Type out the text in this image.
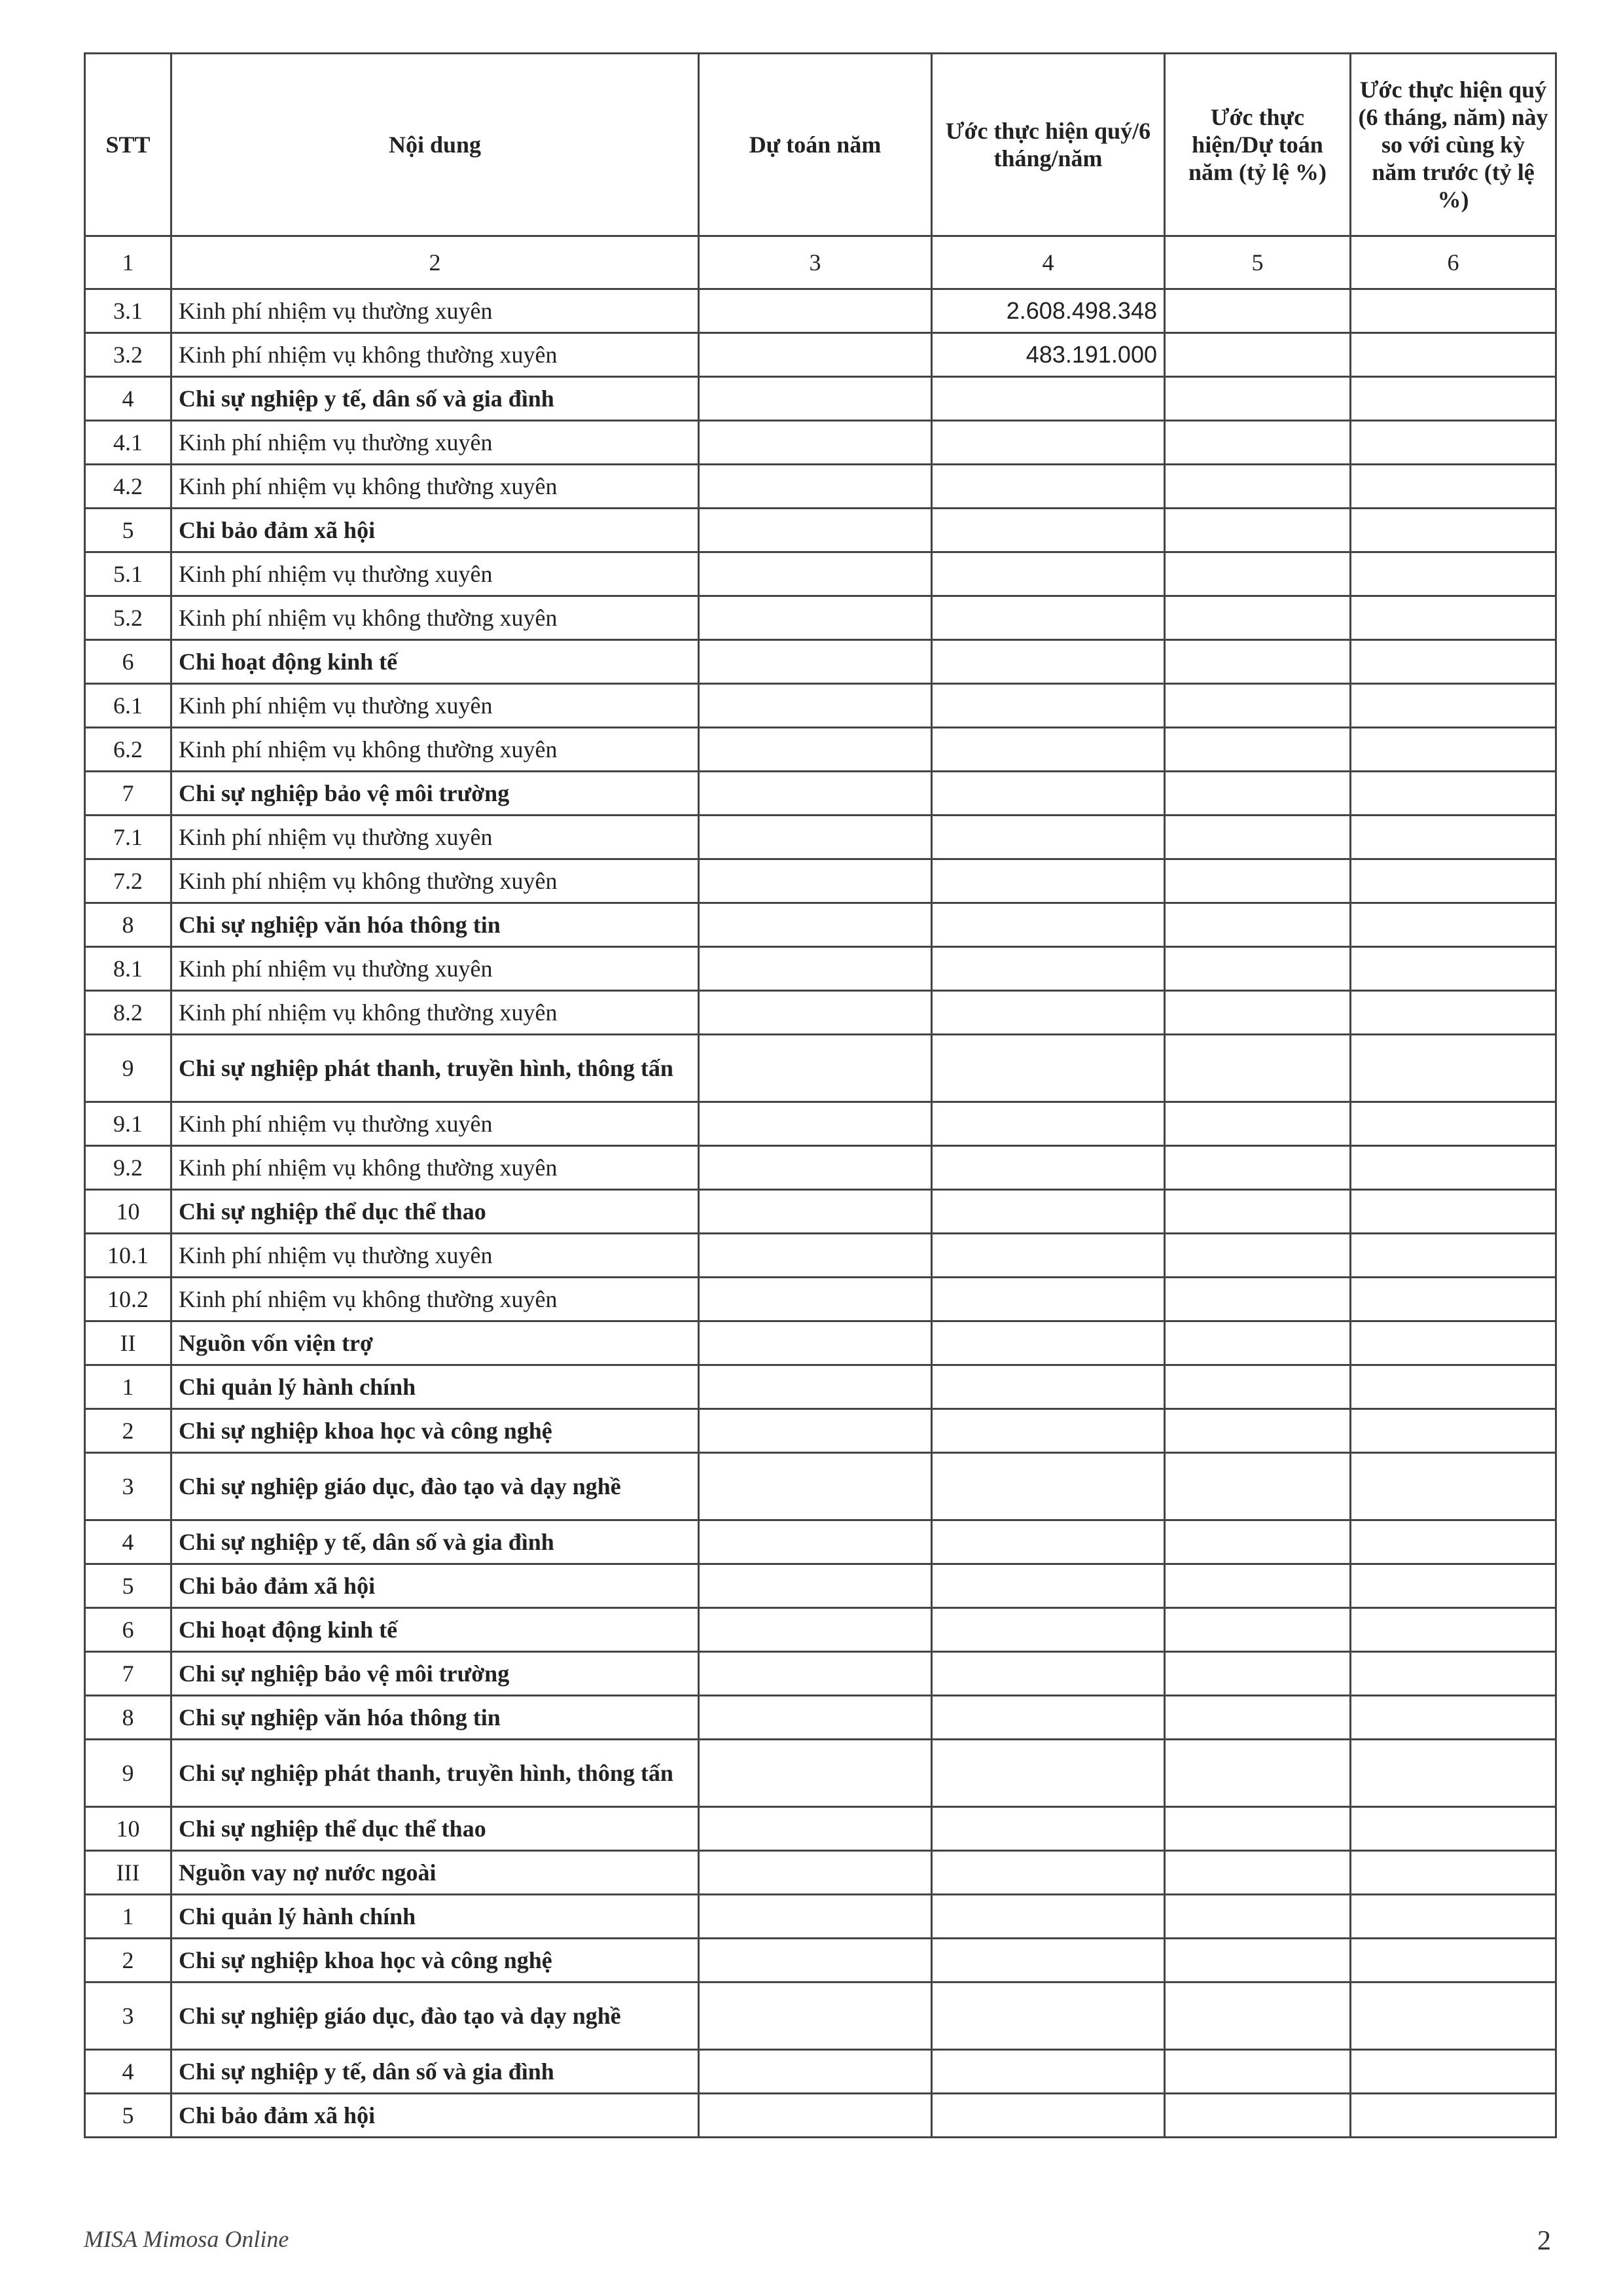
STT	Nội dung	Dự toán năm	Ước thực hiện quý/6 tháng/năm	Ước thực hiện/Dự toán năm (tỷ lệ %)	Ước thực hiện quý (6 tháng, năm) này so với cùng kỳ năm trước (tỷ lệ %)
1	2	3	4	5	6
3.1	Kinh phí nhiệm vụ thường xuyên		2.608.498.348		
3.2	Kinh phí nhiệm vụ không thường xuyên		483.191.000		
4	Chi sự nghiệp y tế, dân số và gia đình				
4.1	Kinh phí nhiệm vụ thường xuyên				
4.2	Kinh phí nhiệm vụ không thường xuyên				
5	Chi bảo đảm xã hội				
5.1	Kinh phí nhiệm vụ thường xuyên				
5.2	Kinh phí nhiệm vụ không thường xuyên				
6	Chi hoạt động kinh tế				
6.1	Kinh phí nhiệm vụ thường xuyên				
6.2	Kinh phí nhiệm vụ không thường xuyên				
7	Chi sự nghiệp bảo vệ môi trường				
7.1	Kinh phí nhiệm vụ thường xuyên				
7.2	Kinh phí nhiệm vụ không thường xuyên				
8	Chi sự nghiệp văn hóa thông tin				
8.1	Kinh phí nhiệm vụ thường xuyên				
8.2	Kinh phí nhiệm vụ không thường xuyên				
9	Chi sự nghiệp phát thanh, truyền hình, thông tấn				
9.1	Kinh phí nhiệm vụ thường xuyên				
9.2	Kinh phí nhiệm vụ không thường xuyên				
10	Chi sự nghiệp thể dục thể thao				
10.1	Kinh phí nhiệm vụ thường xuyên				
10.2	Kinh phí nhiệm vụ không thường xuyên				
II	Nguồn vốn viện trợ				
1	Chi quản lý hành chính				
2	Chi sự nghiệp khoa học và công nghệ				
3	Chi sự nghiệp giáo dục, đào tạo và dạy nghề				
4	Chi sự nghiệp y tế, dân số và gia đình				
5	Chi bảo đảm xã hội				
6	Chi hoạt động kinh tế				
7	Chi sự nghiệp bảo vệ môi trường				
8	Chi sự nghiệp văn hóa thông tin				
9	Chi sự nghiệp phát thanh, truyền hình, thông tấn				
10	Chi sự nghiệp thể dục thể thao				
III	Nguồn vay nợ nước ngoài				
1	Chi quản lý hành chính				
2	Chi sự nghiệp khoa học và công nghệ				
3	Chi sự nghiệp giáo dục, đào tạo và dạy nghề				
4	Chi sự nghiệp y tế, dân số và gia đình				
5	Chi bảo đảm xã hội				
MISA Mimosa Online	2
